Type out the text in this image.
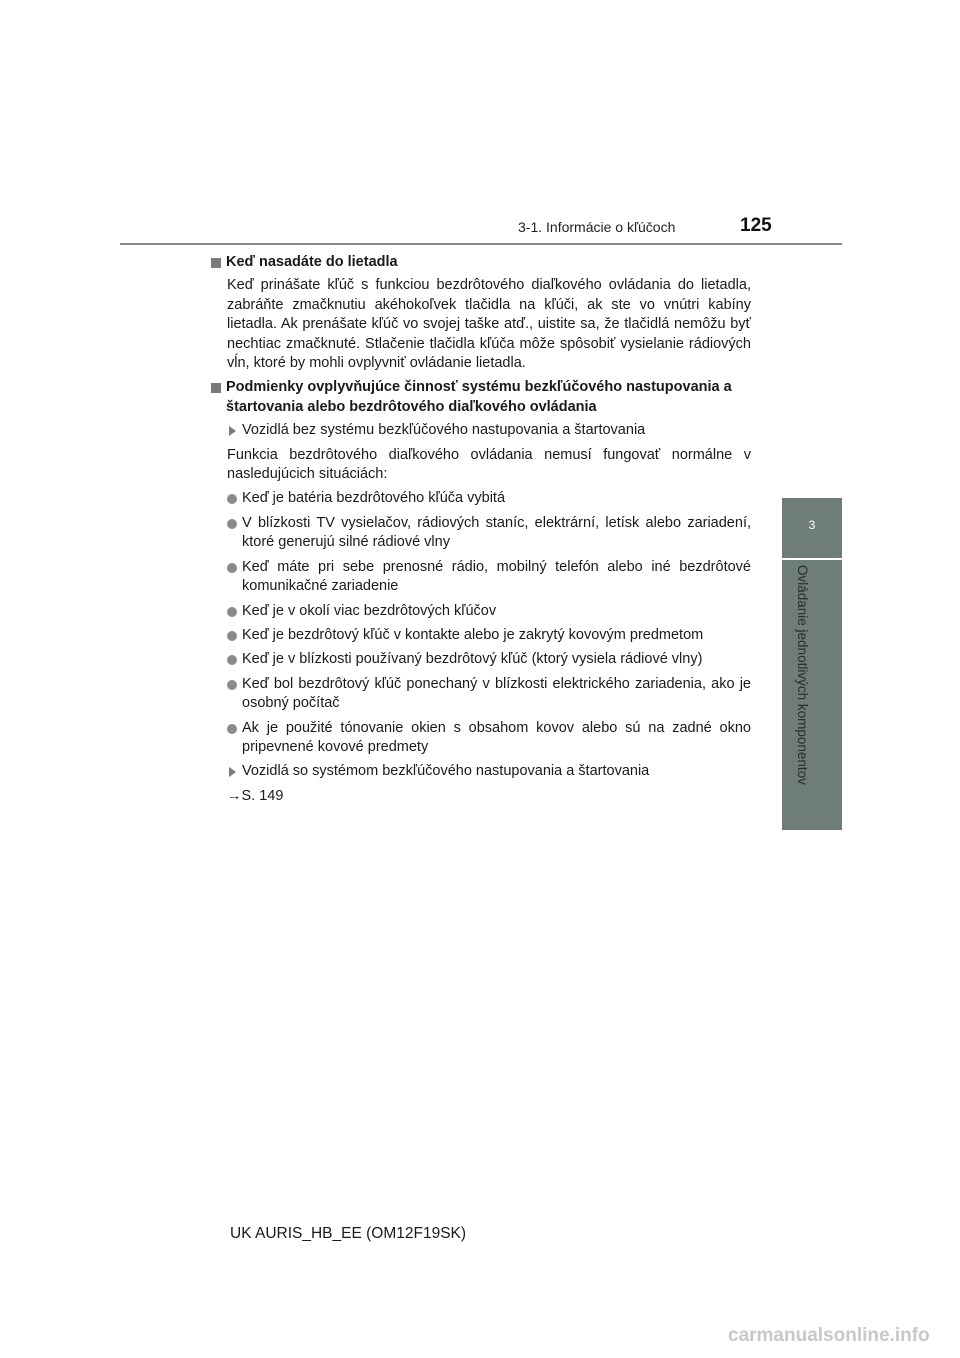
3-1. Informácie o kľúčoch	125
3
Ovládanie jednotlivých komponentov
Keď nasadáte do lietadla
Keď prinášate kľúč s funkciou bezdrôtového diaľkového ovládania do lietadla, zabráňte zmačknutiu akéhokoľvek tlačidla na kľúči, ak ste vo vnútri kabíny lietadla. Ak prenášate kľúč vo svojej taške atď., uistite sa, že tlačidlá nemôžu byť nechtiac zmačknuté. Stlačenie tlačidla kľúča môže spôsobiť vysielanie rádiových vĺn, ktoré by mohli ovplyvniť ovládanie lietadla.
Podmienky ovplyvňujúce činnosť systému bezkľúčového nastupovania a štartovania alebo bezdrôtového diaľkového ovládania
Vozidlá bez systému bezkľúčového nastupovania a štartovania
Funkcia bezdrôtového diaľkového ovládania nemusí fungovať normálne v nasledujúcich situáciách:
Keď je batéria bezdrôtového kľúča vybitá
V blízkosti TV vysielačov, rádiových staníc, elektrární, letísk alebo zariadení, ktoré generujú silné rádiové vlny
Keď máte pri sebe prenosné rádio, mobilný telefón alebo iné bezdrôtové komunikačné zariadenie
Keď je v okolí viac bezdrôtových kľúčov
Keď je bezdrôtový kľúč v kontakte alebo je zakrytý kovovým predmetom
Keď je v blízkosti používaný bezdrôtový kľúč (ktorý vysiela rádiové vlny)
Keď bol bezdrôtový kľúč ponechaný v blízkosti elektrického zariadenia, ako je osobný počítač
Ak je použité tónovanie okien s obsahom kovov alebo sú na zadné okno pripevnené kovové predmety
Vozidlá so systémom bezkľúčového nastupovania a štartovania
→S. 149
UK AURIS_HB_EE (OM12F19SK)
carmanualsonline.info
